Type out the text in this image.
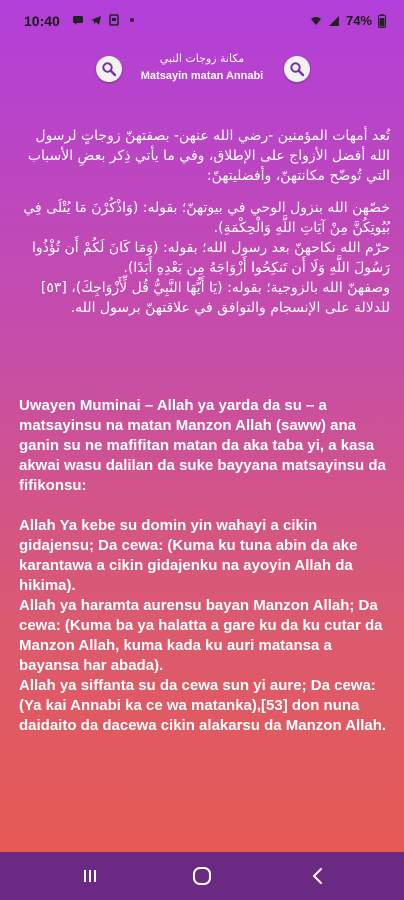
10:40	74%
مكانة زوجات النبي
Matsayin matan Annabi

تُعد أمهات المؤمنين -رضي الله عنهن- بصفتهنّ زوجاتٍ لرسول الله أفضل الأزواج على الإطلاق، وفي ما يأتي ذِكر بعضِ الأسباب التي تُوضّح مكانتهنّ، وأفضليتهنّ:

خصّهن الله بنزول الوحي في بيوتهنّ؛ بقوله: (وَاذْكُرْنَ مَا يُتْلَى فِي بُيُوتِكُنَّ مِنْ آيَاتِ اللَّهِ وَالْحِكْمَةِ).

حرّم الله نكاحهنّ بعد رسول الله؛ بقوله: (وَمَا كَانَ لَكُمْ أَن تُؤْذُوا رَسُولَ اللَّهِ وَلَا أَن تَنكِحُوا أَزْوَاجَهُ مِن بَعْدِهِ أَبَدًا).

وصفهنّ الله بالزوجية؛ بقوله: (يَا أَيُّهَا النَّبِيُّ قُل لِّأَزْوَاجِكَ)، [٥٣] للدلالة على الإنسجام والتوافق في علاقتهنّ برسول الله.

Uwayen Muminai – Allah ya yarda da su – a matsayinsu na matan Manzon Allah (saww) ana ganin su ne mafifitan matan da aka taba yi, a kasa akwai wasu dalilan da suke bayyana matsayinsu da fifikonsu:

Allah Ya kebe su domin yin wahayi a cikin gidajensu; Da cewa: (Kuma ku tuna abin da ake karantawa a cikin gidajenku na ayoyin Allah da hikima).

Allah ya haramta aurensu bayan Manzon Allah; Da cewa: (Kuma ba ya halatta a gare ku da ku cutar da Manzon Allah, kuma kada ku auri matansa a bayansa har abada).

Allah ya siffanta su da cewa sun yi aure; Da cewa: (Ya kai Annabi ka ce wa matanka),[53] don nuna daidaito da dacewa cikin alakarsu da Manzon Allah.
